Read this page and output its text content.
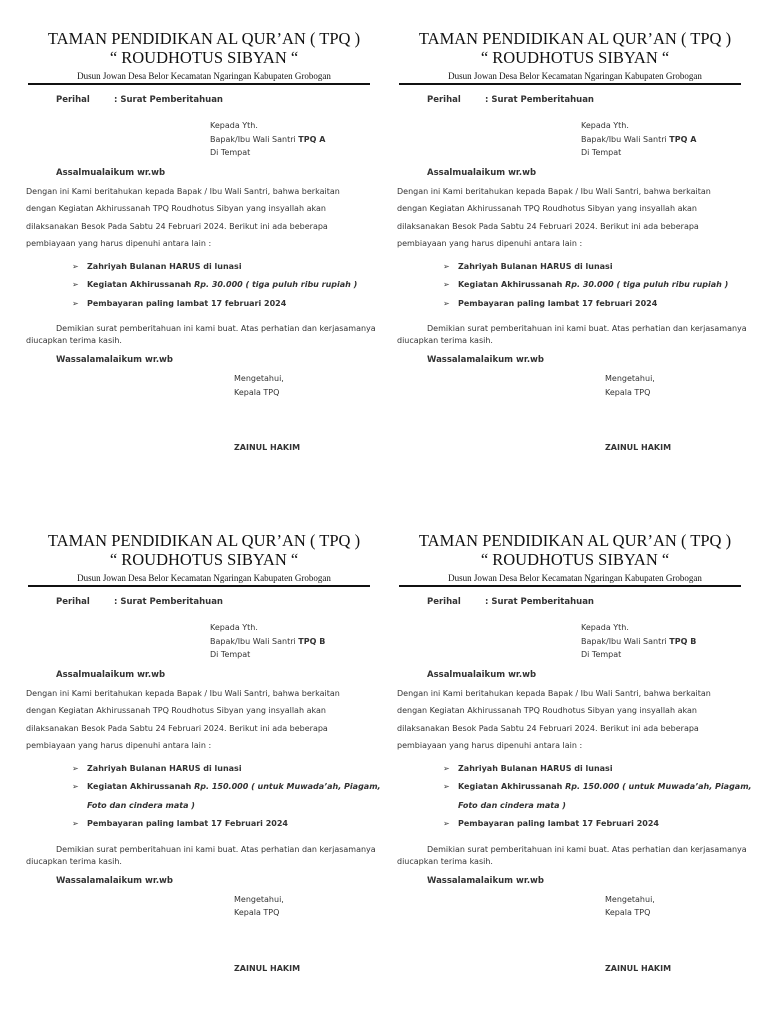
TAMAN PENDIDIKAN AL QUR’AN ( TPQ )
“ ROUDHOTUS SIBYAN “
Dusun Jowan Desa Belor Kecamatan Ngaringan Kabupaten Grobogan
Perihal	: Surat Pemberitahuan
Kepada Yth.
Bapak/Ibu Wali Santri TPQ A
Di Tempat
Assalmualaikum wr.wb
Dengan ini Kami beritahukan kepada Bapak / Ibu Wali Santri, bahwa berkaitan
dengan Kegiatan Akhirussanah TPQ Roudhotus Sibyan yang insyallah akan
dilaksanakan Besok Pada Sabtu 24 Februari 2024. Berikut ini ada beberapa
pembiayaan yang harus dipenuhi antara lain :
➢ Zahriyah Bulanan HARUS di lunasi
➢ Kegiatan Akhirussanah Rp. 30.000 ( tiga puluh ribu rupiah )
➢ Pembayaran paling lambat 17 februari 2024
Demikian surat pemberitahuan ini kami buat. Atas perhatian dan kerjasamanya diucapkan terima kasih.
Wassalamalaikum wr.wb
Mengetahui,
Kepala TPQ
ZAINUL HAKIM
TAMAN PENDIDIKAN AL QUR’AN ( TPQ )
“ ROUDHOTUS SIBYAN “
Dusun Jowan Desa Belor Kecamatan Ngaringan Kabupaten Grobogan
Perihal	: Surat Pemberitahuan
Kepada Yth.
Bapak/Ibu Wali Santri TPQ A
Di Tempat
Assalmualaikum wr.wb
Dengan ini Kami beritahukan kepada Bapak / Ibu Wali Santri, bahwa berkaitan
dengan Kegiatan Akhirussanah TPQ Roudhotus Sibyan yang insyallah akan
dilaksanakan Besok Pada Sabtu 24 Februari 2024. Berikut ini ada beberapa
pembiayaan yang harus dipenuhi antara lain :
➢ Zahriyah Bulanan HARUS di lunasi
➢ Kegiatan Akhirussanah Rp. 30.000 ( tiga puluh ribu rupiah )
➢ Pembayaran paling lambat 17 februari 2024
Demikian surat pemberitahuan ini kami buat. Atas perhatian dan kerjasamanya diucapkan terima kasih.
Wassalamalaikum wr.wb
Mengetahui,
Kepala TPQ
ZAINUL HAKIM
TAMAN PENDIDIKAN AL QUR’AN ( TPQ )
“ ROUDHOTUS SIBYAN “
Dusun Jowan Desa Belor Kecamatan Ngaringan Kabupaten Grobogan
Perihal	: Surat Pemberitahuan
Kepada Yth.
Bapak/Ibu Wali Santri TPQ B
Di Tempat
Assalmualaikum wr.wb
Dengan ini Kami beritahukan kepada Bapak / Ibu Wali Santri, bahwa berkaitan
dengan Kegiatan Akhirussanah TPQ Roudhotus Sibyan yang insyallah akan
dilaksanakan Besok Pada Sabtu 24 Februari 2024. Berikut ini ada beberapa
pembiayaan yang harus dipenuhi antara lain :
➢ Zahriyah Bulanan HARUS di lunasi
➢ Kegiatan Akhirussanah Rp. 150.000 ( untuk Muwada’ah, Piagam,
Foto dan cindera mata )
➢ Pembayaran paling lambat 17 Februari 2024
Demikian surat pemberitahuan ini kami buat. Atas perhatian dan kerjasamanya diucapkan terima kasih.
Wassalamalaikum wr.wb
Mengetahui,
Kepala TPQ
ZAINUL HAKIM
TAMAN PENDIDIKAN AL QUR’AN ( TPQ )
“ ROUDHOTUS SIBYAN “
Dusun Jowan Desa Belor Kecamatan Ngaringan Kabupaten Grobogan
Perihal	: Surat Pemberitahuan
Kepada Yth.
Bapak/Ibu Wali Santri TPQ B
Di Tempat
Assalmualaikum wr.wb
Dengan ini Kami beritahukan kepada Bapak / Ibu Wali Santri, bahwa berkaitan
dengan Kegiatan Akhirussanah TPQ Roudhotus Sibyan yang insyallah akan
dilaksanakan Besok Pada Sabtu 24 Februari 2024. Berikut ini ada beberapa
pembiayaan yang harus dipenuhi antara lain :
➢ Zahriyah Bulanan HARUS di lunasi
➢ Kegiatan Akhirussanah Rp. 150.000 ( untuk Muwada’ah, Piagam,
Foto dan cindera mata )
➢ Pembayaran paling lambat 17 Februari 2024
Demikian surat pemberitahuan ini kami buat. Atas perhatian dan kerjasamanya diucapkan terima kasih.
Wassalamalaikum wr.wb
Mengetahui,
Kepala TPQ
ZAINUL HAKIM
